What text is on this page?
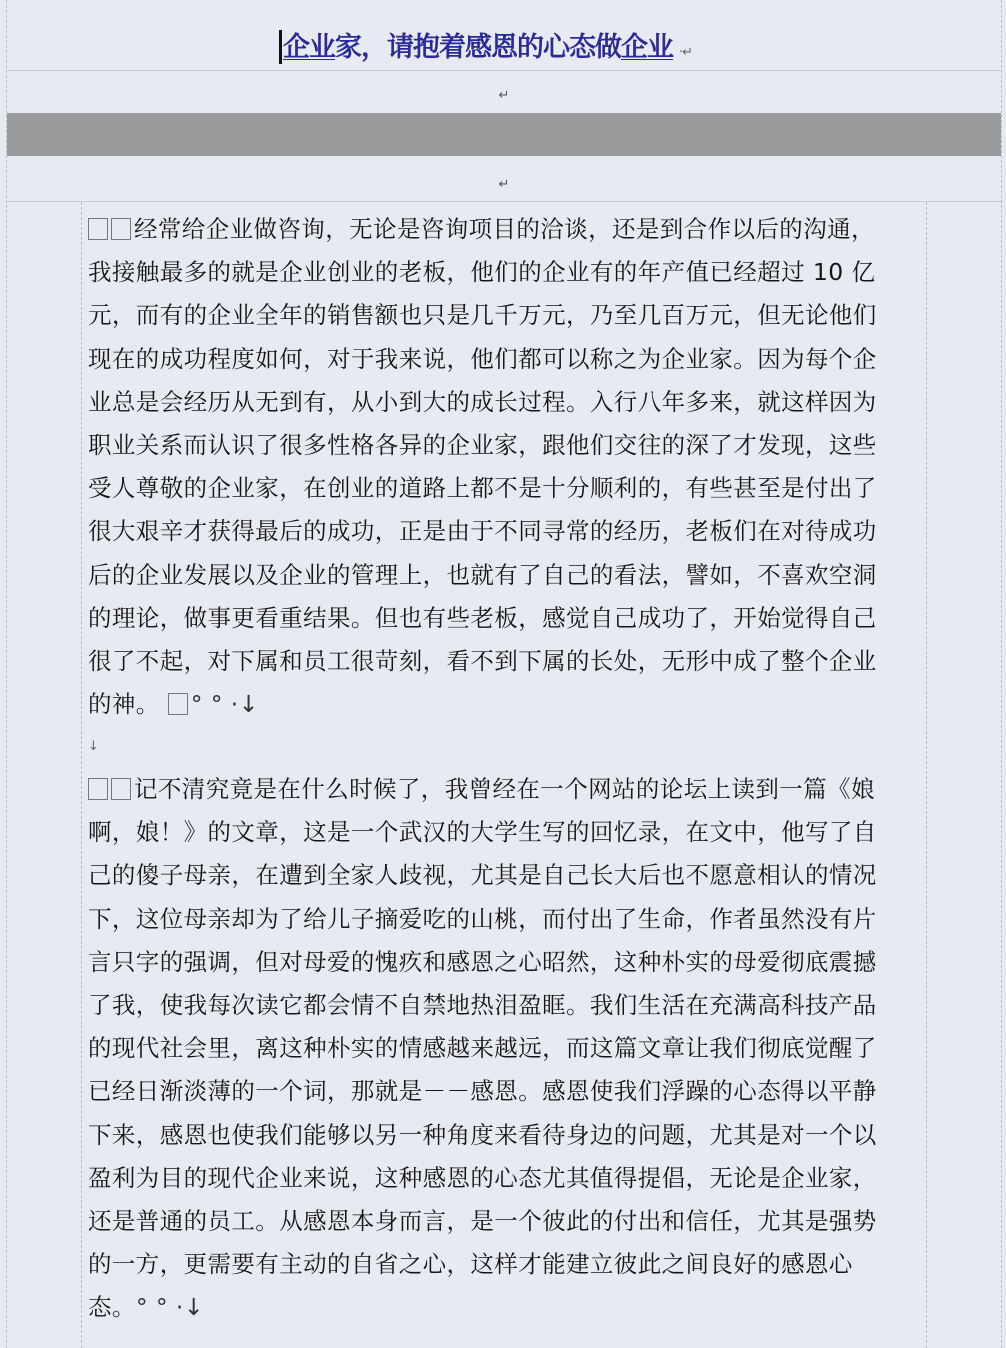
企业家，请抱着感恩的心态做企业 ·↵
↵
↵
经常给企业做咨询，无论是咨询项目的洽谈，还是到合作以后的沟通，
我接触最多的就是企业创业的老板，他们的企业有的年产值已经超过 10 亿
元，而有的企业全年的销售额也只是几千万元，乃至几百万元，但无论他们
现在的成功程度如何，对于我来说，他们都可以称之为企业家。因为每个企
业总是会经历从无到有，从小到大的成长过程。入行八年多来，就这样因为
职业关系而认识了很多性格各异的企业家，跟他们交往的深了才发现，这些
受人尊敬的企业家，在创业的道路上都不是十分顺利的，有些甚至是付出了
很大艰辛才获得最后的成功，正是由于不同寻常的经历，老板们在对待成功
后的企业发展以及企业的管理上，也就有了自己的看法，譬如，不喜欢空洞
的理论，做事更看重结果。但也有些老板，感觉自己成功了，开始觉得自己
很了不起，对下属和员工很苛刻，看不到下属的长处，无形中成了整个企业
的神。 ° ° ·↓
↓
记不清究竟是在什么时候了，我曾经在一个网站的论坛上读到一篇《娘
啊，娘！》的文章，这是一个武汉的大学生写的回忆录，在文中，他写了自
己的傻子母亲，在遭到全家人歧视，尤其是自己长大后也不愿意相认的情况
下，这位母亲却为了给儿子摘爱吃的山桃，而付出了生命，作者虽然没有片
言只字的强调，但对母爱的愧疚和感恩之心昭然，这种朴实的母爱彻底震撼
了我，使我每次读它都会情不自禁地热泪盈眶。我们生活在充满高科技产品
的现代社会里，离这种朴实的情感越来越远，而这篇文章让我们彻底觉醒了
已经日渐淡薄的一个词，那就是－－感恩。感恩使我们浮躁的心态得以平静
下来，感恩也使我们能够以另一种角度来看待身边的问题，尤其是对一个以
盈利为目的现代企业来说，这种感恩的心态尤其值得提倡，无论是企业家，
还是普通的员工。从感恩本身而言，是一个彼此的付出和信任，尤其是强势
的一方，更需要有主动的自省之心，这样才能建立彼此之间良好的感恩心
态。° ° ·↓
